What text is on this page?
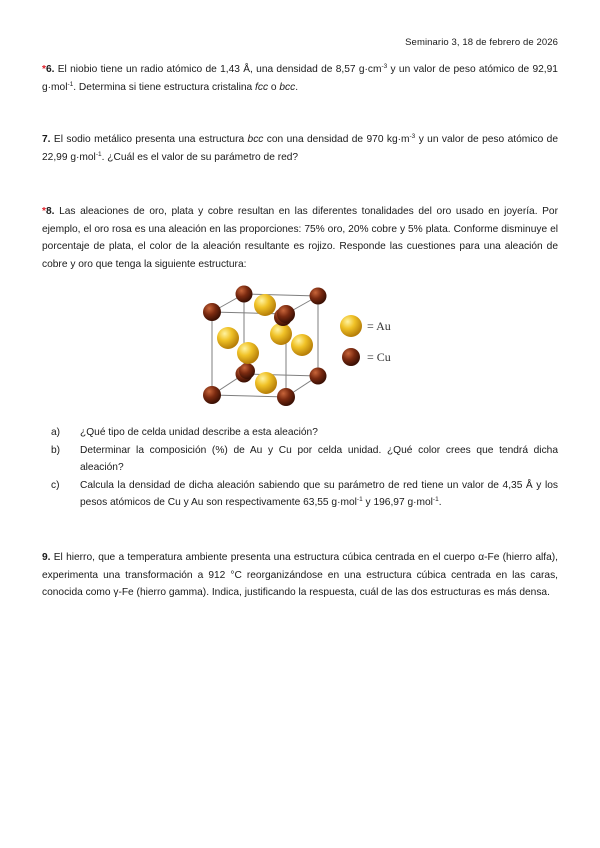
Seminario 3, 18 de febrero de 2026
*6. El niobio tiene un radio atómico de 1,43 Å, una densidad de 8,57 $g\cdot cm^{-3}$ y un valor de peso atómico de 92,91 g·mol$^{-1}$. Determina si tiene estructura cristalina fcc o bcc.
7. El sodio metálico presenta una estructura bcc con una densidad de 970 $kg\cdot m^{-3}$ y un valor de peso atómico de 22,99 g·mol$^{-1}$. ¿Cuál es el valor de su parámetro de red?
*8. Las aleaciones de oro, plata y cobre resultan en las diferentes tonalidades del oro usado en joyería. Por ejemplo, el oro rosa es una aleación en las proporciones: 75% oro, 20% cobre y 5% plata. Conforme disminuye el porcentaje de plata, el color de la aleación resultante es rojizo. Responde las cuestiones para una aleación de cobre y oro que tenga la siguiente estructura:
= Au
= Cu
a) ¿Qué tipo de celda unidad describe a esta aleación?
b) Determinar la composición (%) de Au y Cu por celda unidad. ¿Qué color crees que tendrá dicha aleación?
c) Calcula la densidad de dicha aleación sabiendo que su parámetro de red tiene un valor de 4,35 Å y los pesos atómicos de Cu y Au son respectivamente 63,55 g·mol$^{-1}$ y 196,97 g·mol$^{-1}$.
9. El hierro, que a temperatura ambiente presenta una estructura cúbica centrada en el cuerpo α-Fe (hierro alfa), experimenta una transformación a 912 °C reorganizándose en una estructura cúbica centrada en las caras, conocida como γ-Fe (hierro gamma). Indica, justificando la respuesta, cuál de las dos estructuras es más densa.
